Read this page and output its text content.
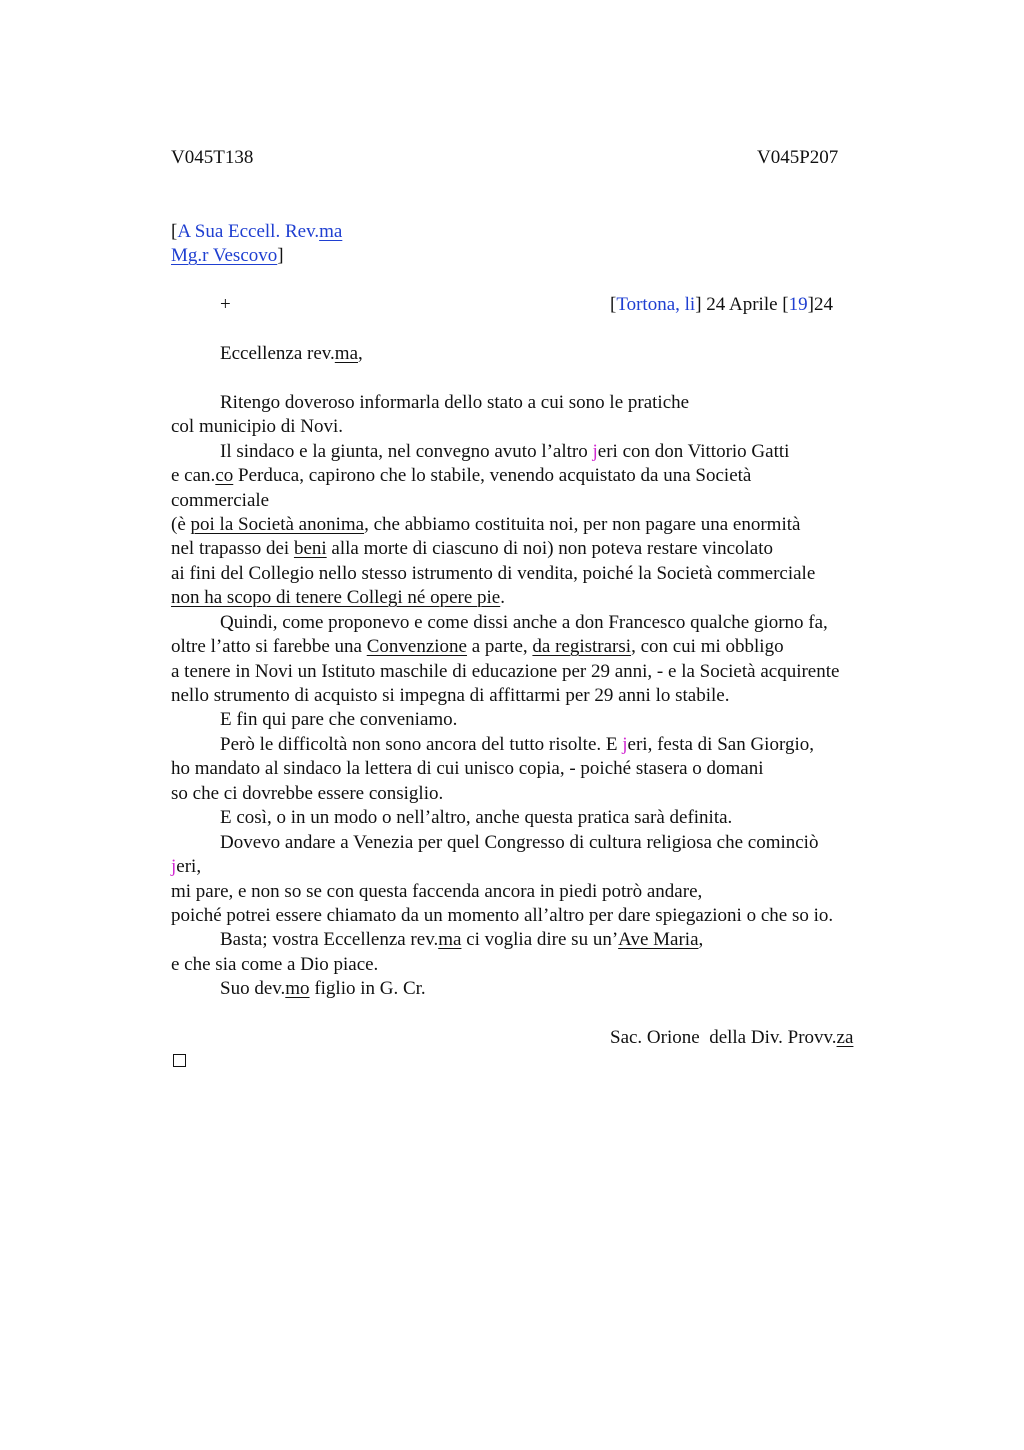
V045T138	V045P207
[A Sua Eccell. Rev.ma
Mg.r Vescovo]
+	[Tortona, li] 24 Aprile [19]24
Eccellenza rev.ma,
Ritengo doveroso informarla dello stato a cui sono le pratiche
col municipio di Novi.
Il sindaco e la giunta, nel convegno avuto l’altro jeri con don Vittorio Gatti
e can.co Perduca, capirono che lo stabile, venendo acquistato da una Società
commerciale
(è poi la Società anonima, che abbiamo costituita noi, per non pagare una enormità
nel trapasso dei beni alla morte di ciascuno di noi) non poteva restare vincolato
ai fini del Collegio nello stesso istrumento di vendita, poiché la Società commerciale
non ha scopo di tenere Collegi né opere pie.
Quindi, come proponevo e come dissi anche a don Francesco qualche giorno fa,
oltre l’atto si farebbe una Convenzione a parte, da registrarsi, con cui mi obbligo
a tenere in Novi un Istituto maschile di educazione per 29 anni, - e la Società acquirente
nello strumento di acquisto si impegna di affittarmi per 29 anni lo stabile.
E fin qui pare che conveniamo.
Però le difficoltà non sono ancora del tutto risolte. E jeri, festa di San Giorgio,
ho mandato al sindaco la lettera di cui unisco copia, - poiché stasera o domani
so che ci dovrebbe essere consiglio.
E così, o in un modo o nell’altro, anche questa pratica sarà definita.
Dovevo andare a Venezia per quel Congresso di cultura religiosa che cominciò
jeri,
mi pare, e non so se con questa faccenda ancora in piedi potrò andare,
poiché potrei essere chiamato da un momento all’altro per dare spiegazioni o che so io.
Basta; vostra Eccellenza rev.ma ci voglia dire su un’Ave Maria,
e che sia come a Dio piace.
Suo dev.mo figlio in G. Cr.
Sac. Orione  della Div. Provv.za
